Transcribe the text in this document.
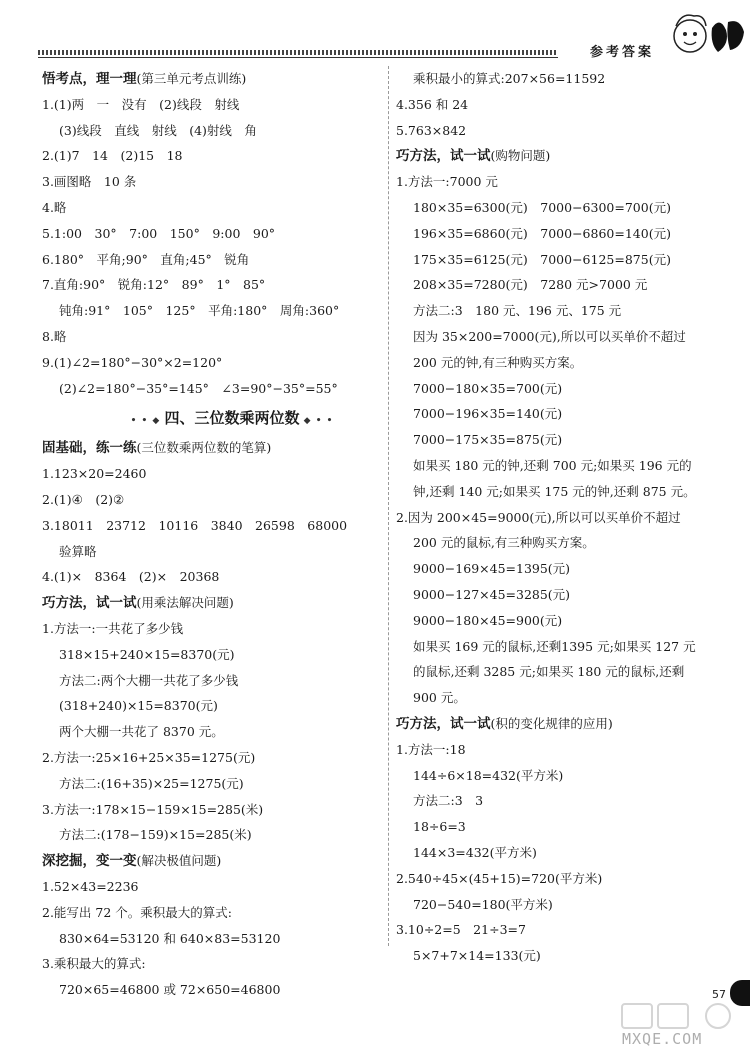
参考答案
悟考点，理一理(第三单元考点训练)
1.(1)两　一　没有　(2)线段　射线
(3)线段　直线　射线　(4)射线　角
2.(1)7　14　(2)15　18
3.画图略　10 条
4.略
5.1:00　30°　7:00　150°　9:00　90°
6.180°　平角;90°　直角;45°　锐角
7.直角:90°　锐角:12°　89°　1°　85°
钝角:91°　105°　125°　平角:180°　周角:360°
8.略
9.(1)∠2=180°−30°×2=120°
(2)∠2=180°−35°=145°　∠3=90°−35°=55°
• • ◆ 四、三位数乘两位数 ◆ • •
固基础，练一练(三位数乘两位数的笔算)
1.123×20=2460
2.(1)④　(2)②
3.18011　23712　10116　3840　26598　68000
验算略
4.(1)×　8364　(2)×　20368
巧方法，试一试(用乘法解决问题)
1.方法一:一共花了多少钱
318×15+240×15=8370(元)
方法二:两个大棚一共花了多少钱
(318+240)×15=8370(元)
两个大棚一共花了 8370 元。
2.方法一:25×16+25×35=1275(元)
方法二:(16+35)×25=1275(元)
3.方法一:178×15−159×15=285(米)
方法二:(178−159)×15=285(米)
深挖掘，变一变(解决极值问题)
1.52×43=2236
2.能写出 72 个。乘积最大的算式:
830×64=53120 和 640×83=53120
3.乘积最大的算式:
720×65=46800 或 72×650=46800
乘积最小的算式:207×56=11592
4.356 和 24
5.763×842
巧方法，试一试(购物问题)
1.方法一:7000 元
180×35=6300(元)　7000−6300=700(元)
196×35=6860(元)　7000−6860=140(元)
175×35=6125(元)　7000−6125=875(元)
208×35=7280(元)　7280 元>7000 元
方法二:3　180 元、196 元、175 元
因为 35×200=7000(元),所以可以买单价不超过
200 元的钟,有三种购买方案。
7000−180×35=700(元)
7000−196×35=140(元)
7000−175×35=875(元)
如果买 180 元的钟,还剩 700 元;如果买 196 元的
钟,还剩 140 元;如果买 175 元的钟,还剩 875 元。
2.因为 200×45=9000(元),所以可以买单价不超过
200 元的鼠标,有三种购买方案。
9000−169×45=1395(元)
9000−127×45=3285(元)
9000−180×45=900(元)
如果买 169 元的鼠标,还剩1395 元;如果买 127 元
的鼠标,还剩 3285 元;如果买 180 元的鼠标,还剩
900 元。
巧方法，试一试(积的变化规律的应用)
1.方法一:18
144÷6×18=432(平方米)
方法二:3　3
18÷6=3
144×3=432(平方米)
2.540÷45×(45+15)=720(平方米)
720−540=180(平方米)
3.10÷2=5　21÷3=7
5×7+7×14=133(元)
57
MXQE.COM
